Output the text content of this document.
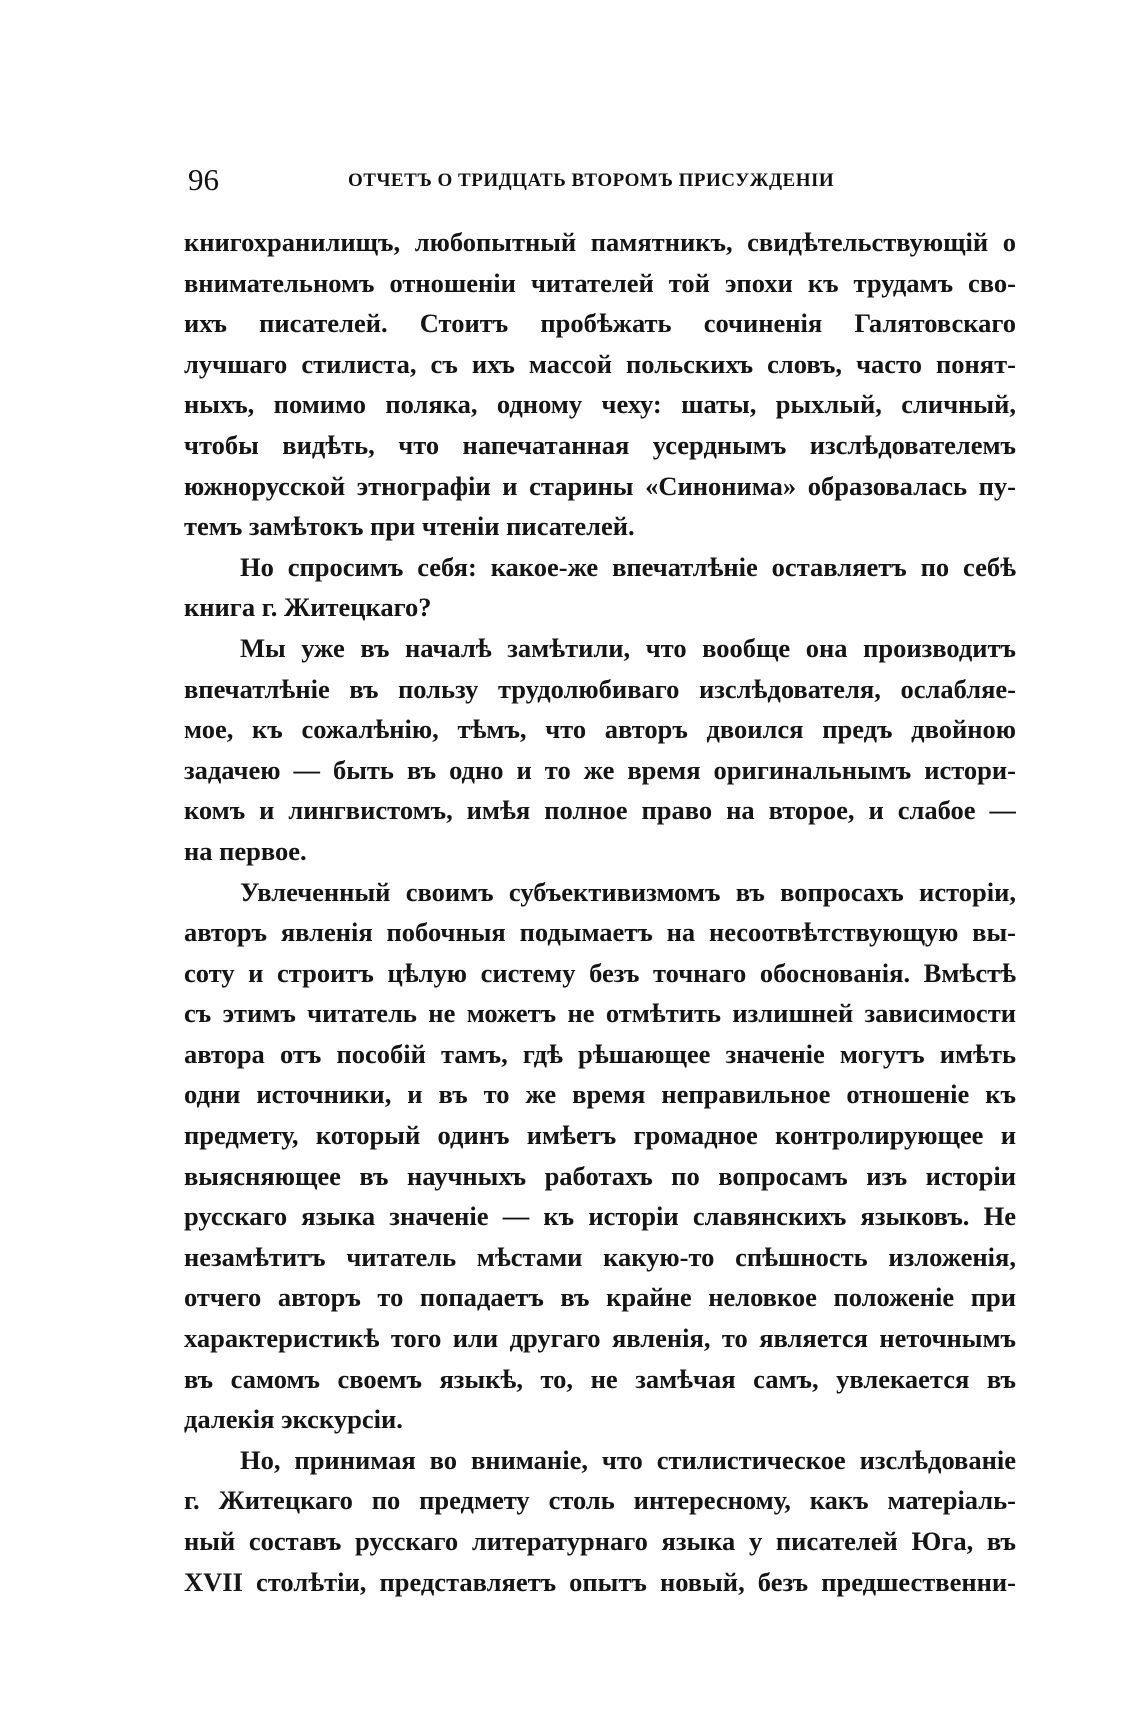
96	ОТЧЕТЪ О ТРИДЦАТЬ ВТОРОМЪ ПРИСУЖДЕНІИ
книгохранилищъ, любопытный памятникъ, свидѣтельствующій о
внимательномъ отношеніи читателей той эпохи къ трудамъ сво-
ихъ писателей. Стоитъ пробѣжать сочиненія Галятовскаго
лучшаго стилиста, съ ихъ массой польскихъ словъ, часто понят-
ныхъ, помимо поляка, одному чеху: шаты, рыхлый, сличный,
чтобы видѣть, что напечатанная усерднымъ изслѣдователемъ
южнорусской этнографіи и старины «Синонима» образовалась пу-
темъ замѣтокъ при чтеніи писателей.
Но спросимъ себя: какое-же впечатлѣніе оставляетъ по себѣ
книга г. Житецкаго?
Мы уже въ началѣ замѣтили, что вообще она производитъ
впечатлѣніе въ пользу трудолюбиваго изслѣдователя, ослабляе-
мое, къ сожалѣнію, тѣмъ, что авторъ двоился предъ двойною
задачею — быть въ одно и то же время оригинальнымъ истори-
комъ и лингвистомъ, имѣя полное право на второе, и слабое —
на первое.
Увлеченный своимъ субъективизмомъ въ вопросахъ исторіи,
авторъ явленія побочныя подымаетъ на несоотвѣтствующую вы-
соту и строитъ цѣлую систему безъ точнаго обоснованія. Вмѣстѣ
съ этимъ читатель не можетъ не отмѣтить излишней зависимости
автора отъ пособій тамъ, гдѣ рѣшающее значеніе могутъ имѣть
одни источники, и въ то же время неправильное отношеніе къ
предмету, который одинъ имѣетъ громадное контролирующее и
выясняющее въ научныхъ работахъ по вопросамъ изъ исторіи
русскаго языка значеніе — къ исторіи славянскихъ языковъ. Не
незамѣтитъ читатель мѣстами какую-то спѣшность изложенія,
отчего авторъ то попадаетъ въ крайне неловкое положеніе при
характеристикѣ того или другаго явленія, то является неточнымъ
въ самомъ своемъ языкѣ, то, не замѣчая самъ, увлекается въ
далекія экскурсіи.
Но, принимая во вниманіе, что стилистическое изслѣдованіе
г. Житецкаго по предмету столь интересному, какъ матеріаль-
ный составъ русскаго литературнаго языка у писателей Юга, въ
XVII столѣтіи, представляетъ опытъ новый, безъ предшественни-
